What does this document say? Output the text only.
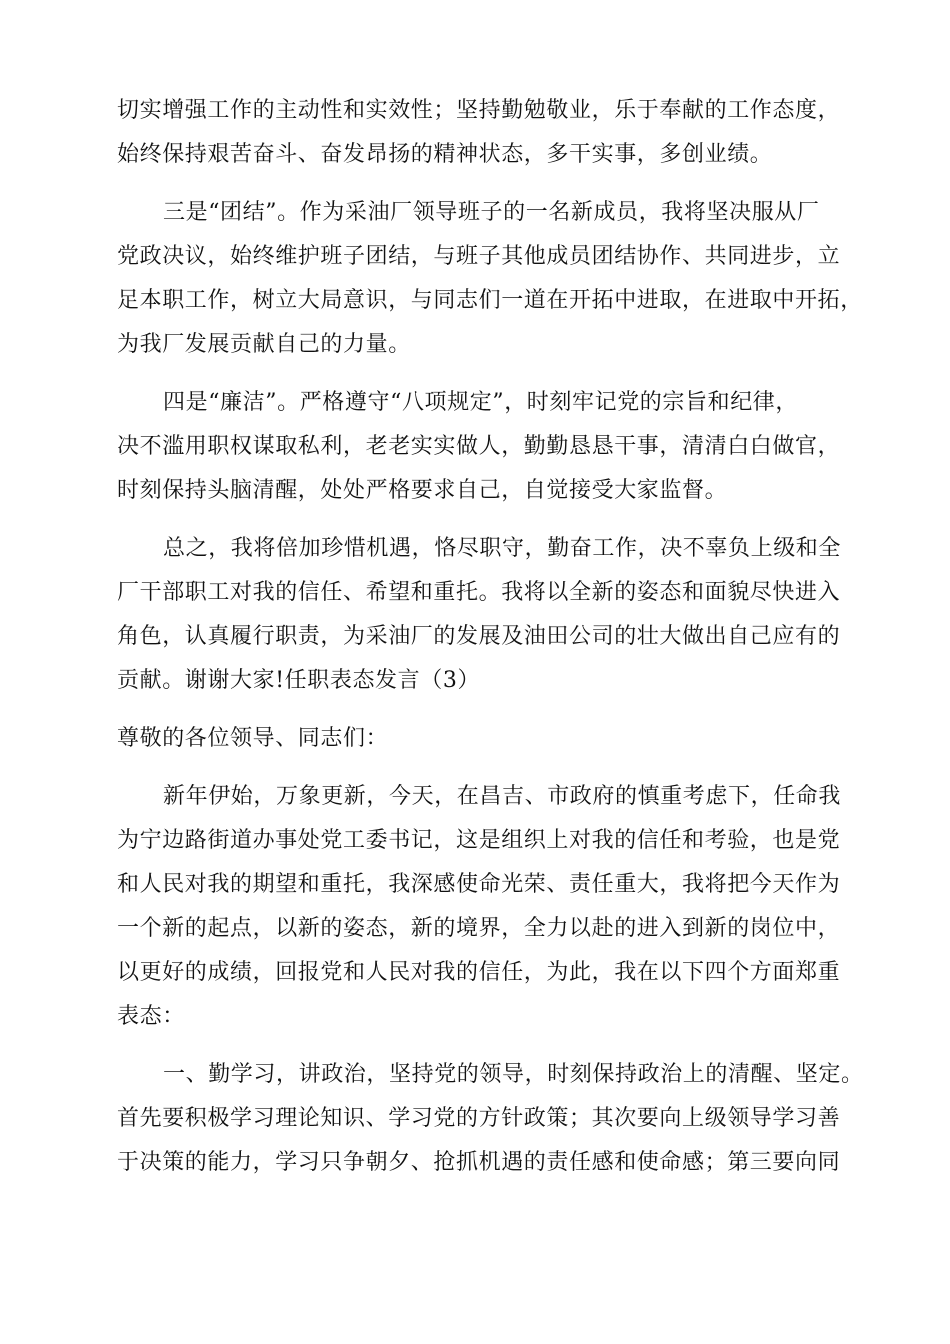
切实增强工作的主动性和实效性；坚持勤勉敬业，乐于奉献的工作态度，
始终保持艰苦奋斗、奋发昂扬的精神状态，多干实事，多创业绩。
三是“团结”。作为采油厂领导班子的一名新成员，我将坚决服从厂
党政决议，始终维护班子团结，与班子其他成员团结协作、共同进步，立
足本职工作，树立大局意识，与同志们一道在开拓中进取，在进取中开拓，
为我厂发展贡献自己的力量。
四是“廉洁”。严格遵守“八项规定”，时刻牢记党的宗旨和纪律，
决不滥用职权谋取私利，老老实实做人，勤勤恳恳干事，清清白白做官，
时刻保持头脑清醒，处处严格要求自己，自觉接受大家监督。
总之，我将倍加珍惜机遇，恪尽职守，勤奋工作，决不辜负上级和全
厂干部职工对我的信任、希望和重托。我将以全新的姿态和面貌尽快进入
角色，认真履行职责，为采油厂的发展及油田公司的壮大做出自己应有的
贡献。谢谢大家!任职表态发言（3）
尊敬的各位领导、同志们：
新年伊始，万象更新，今天，在昌吉、市政府的慎重考虑下，任命我
为宁边路街道办事处党工委书记，这是组织上对我的信任和考验，也是党
和人民对我的期望和重托，我深感使命光荣、责任重大，我将把今天作为
一个新的起点，以新的姿态，新的境界，全力以赴的进入到新的岗位中，
以更好的成绩，回报党和人民对我的信任，为此，我在以下四个方面郑重
表态：
一、勤学习，讲政治，坚持党的领导，时刻保持政治上的清醒、坚定。
首先要积极学习理论知识、学习党的方针政策；其次要向上级领导学习善
于决策的能力，学习只争朝夕、抢抓机遇的责任感和使命感；第三要向同
